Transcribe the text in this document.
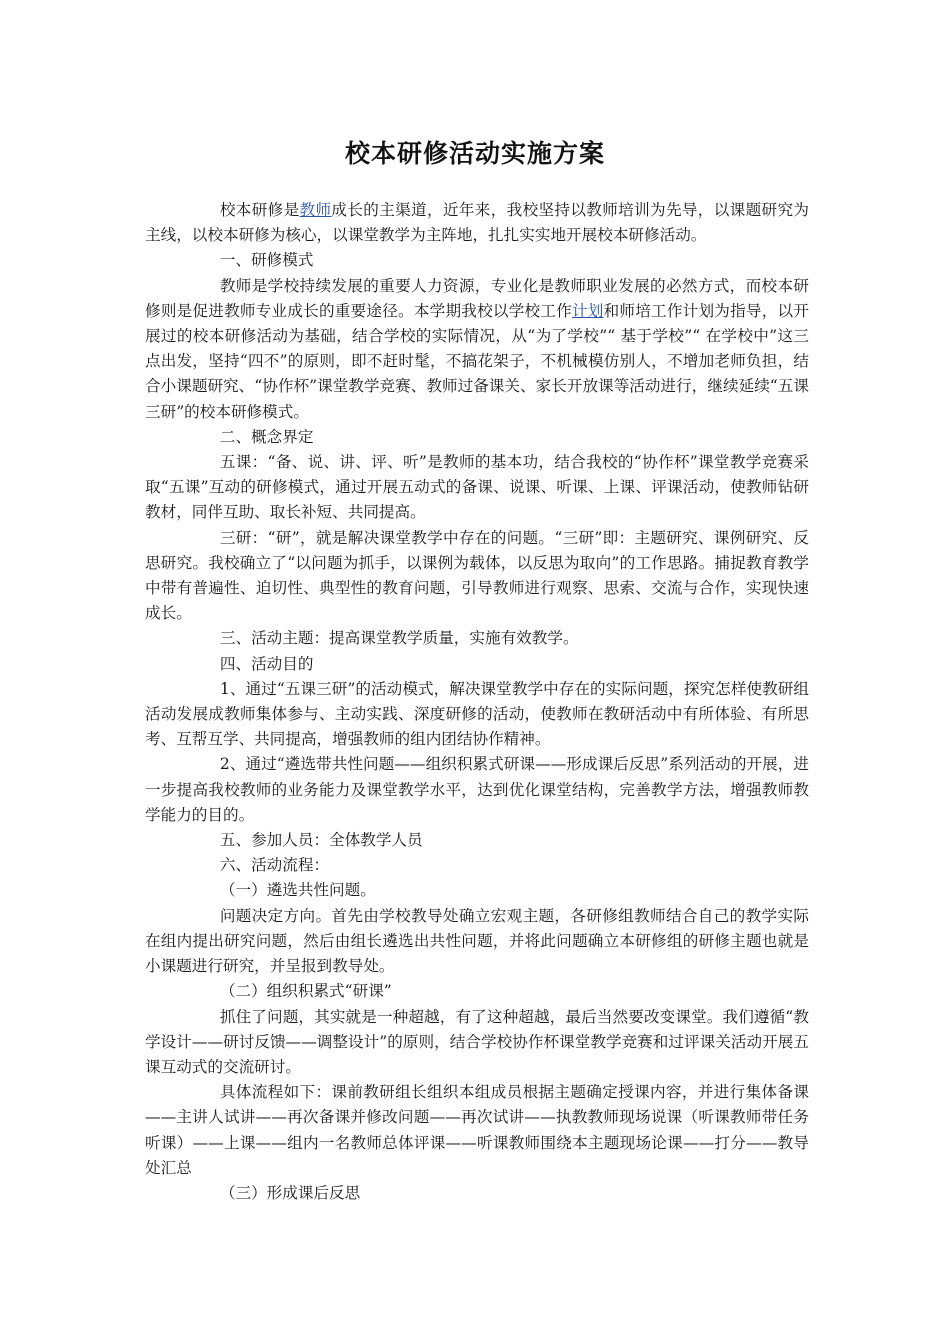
校本研修活动实施方案

校本研修是教师成长的主渠道，近年来，我校坚持以教师培训为先导，以课题研究为主线，以校本研修为核心，以课堂教学为主阵地，扎扎实实地开展校本研修活动。

一、研修模式

教师是学校持续发展的重要人力资源，专业化是教师职业发展的必然方式，而校本研修则是促进教师专业成长的重要途径。本学期我校以学校工作计划和师培工作计划为指导，以开展过的校本研修活动为基础，结合学校的实际情况，从“为了学校”“ 基于学校”“ 在学校中”这三点出发，坚持“四不”的原则，即不赶时髦，不搞花架子，不机械模仿别人，不增加老师负担，结合小课题研究、“协作杯”课堂教学竞赛、教师过备课关、家长开放课等活动进行，继续延续“五课三研”的校本研修模式。

二、概念界定

五课：“备、说、讲、评、听”是教师的基本功，结合我校的“协作杯”课堂教学竞赛采取“五课”互动的研修模式，通过开展五动式的备课、说课、听课、上课、评课活动，使教师钻研教材，同伴互助、取长补短、共同提高。

三研：“研”，就是解决课堂教学中存在的问题。“三研”即：主题研究、课例研究、反思研究。我校确立了“以问题为抓手，以课例为载体，以反思为取向”的工作思路。捕捉教育教学中带有普遍性、迫切性、典型性的教育问题，引导教师进行观察、思索、交流与合作，实现快速成长。

三、活动主题：提高课堂教学质量，实施有效教学。

四、活动目的

1、通过“五课三研”的活动模式，解决课堂教学中存在的实际问题，探究怎样使教研组活动发展成教师集体参与、主动实践、深度研修的活动，使教师在教研活动中有所体验、有所思考、互帮互学、共同提高，增强教师的组内团结协作精神。

2、通过“遴选带共性问题——组织积累式研课——形成课后反思”系列活动的开展，进一步提高我校教师的业务能力及课堂教学水平，达到优化课堂结构，完善教学方法，增强教师教学能力的目的。

五、参加人员：全体教学人员

六、活动流程：

（一）遴选共性问题。

问题决定方向。首先由学校教导处确立宏观主题，各研修组教师结合自己的教学实际在组内提出研究问题，然后由组长遴选出共性问题，并将此问题确立本研修组的研修主题也就是小课题进行研究，并呈报到教导处。

（二）组织积累式“研课”

抓住了问题，其实就是一种超越，有了这种超越，最后当然要改变课堂。我们遵循“教学设计——研讨反馈——调整设计”的原则，结合学校协作杯课堂教学竞赛和过评课关活动开展五课互动式的交流研讨。

具体流程如下：课前教研组长组织本组成员根据主题确定授课内容，并进行集体备课——主讲人试讲——再次备课并修改问题——再次试讲——执教教师现场说课（听课教师带任务听课）——上课——组内一名教师总体评课——听课教师围绕本主题现场论课——打分——教导处汇总

（三）形成课后反思
